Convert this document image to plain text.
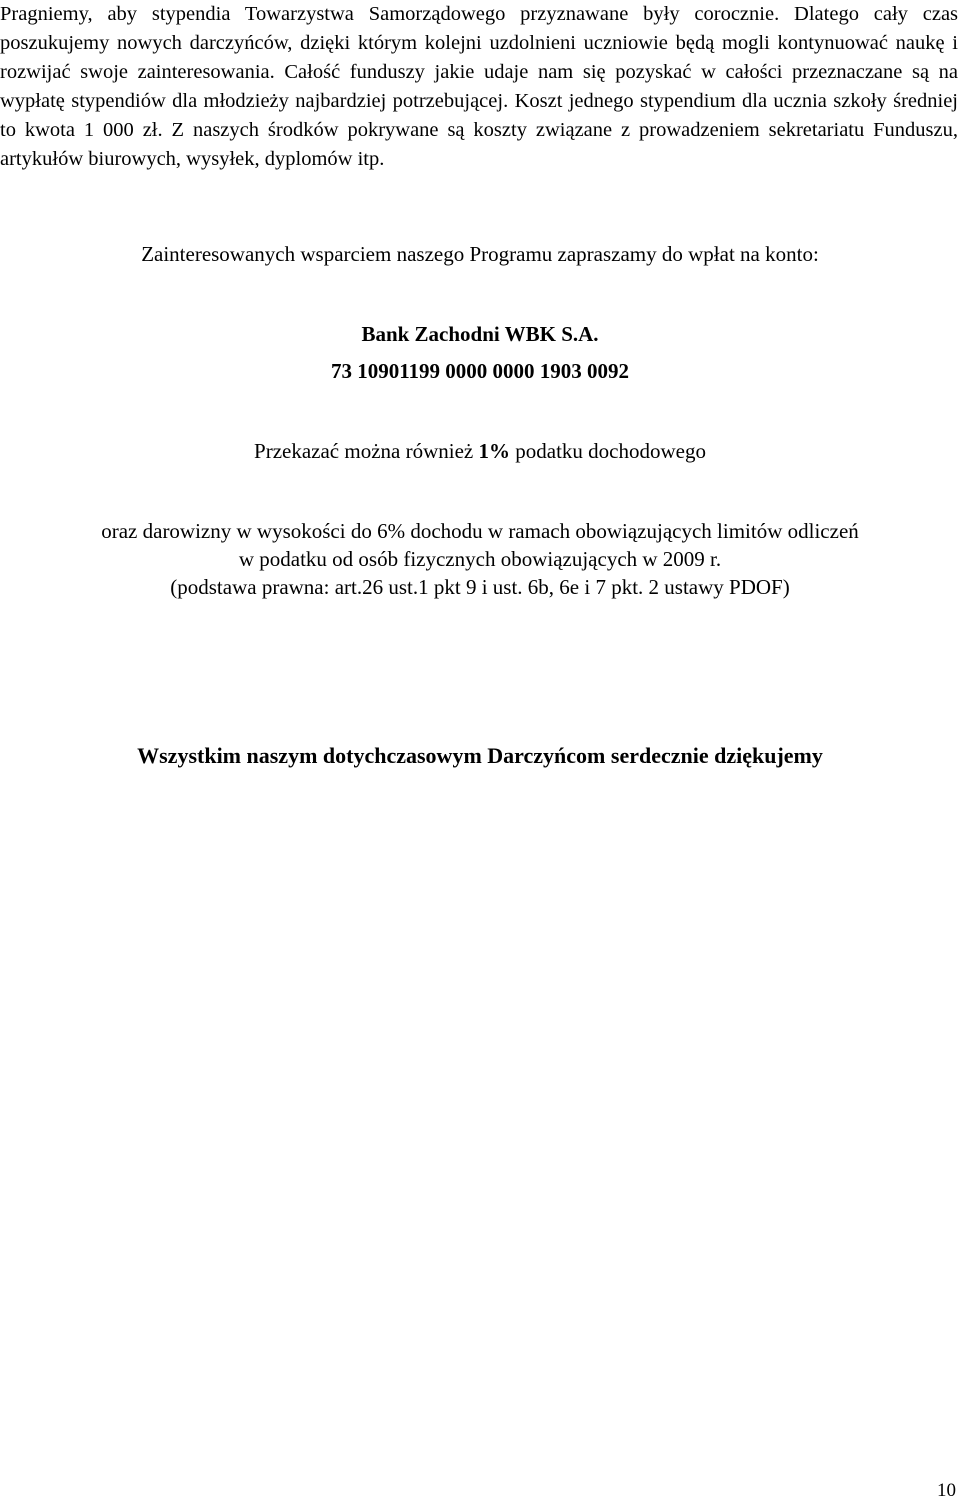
Pragniemy, aby stypendia Towarzystwa Samorządowego przyznawane były corocznie. Dlatego cały czas poszukujemy nowych darczyńców, dzięki którym kolejni uzdolnieni uczniowie będą mogli kontynuować naukę i rozwijać swoje zainteresowania. Całość funduszy jakie udaje nam się pozyskać w całości przeznaczane są na wypłatę stypendiów dla młodzieży najbardziej potrzebującej. Koszt jednego stypendium dla ucznia szkoły średniej to kwota 1 000 zł. Z naszych środków pokrywane są koszty związane z prowadzeniem sekretariatu Funduszu, artykułów biurowych, wysyłek, dyplomów itp.

Zainteresowanych wsparciem naszego Programu zapraszamy do wpłat na konto:

Bank Zachodni WBK S.A.

73 10901199 0000 0000 1903 0092

Przekazać można również 1% podatku dochodowego

oraz darowizny w wysokości do 6% dochodu w ramach obowiązujących limitów odliczeń
w podatku od osób fizycznych obowiązujących w 2009 r.
(podstawa prawna: art.26 ust.1 pkt 9 i ust. 6b, 6e i 7 pkt. 2 ustawy PDOF)

Wszystkim naszym dotychczasowym Darczyńcom serdecznie dziękujemy

10
